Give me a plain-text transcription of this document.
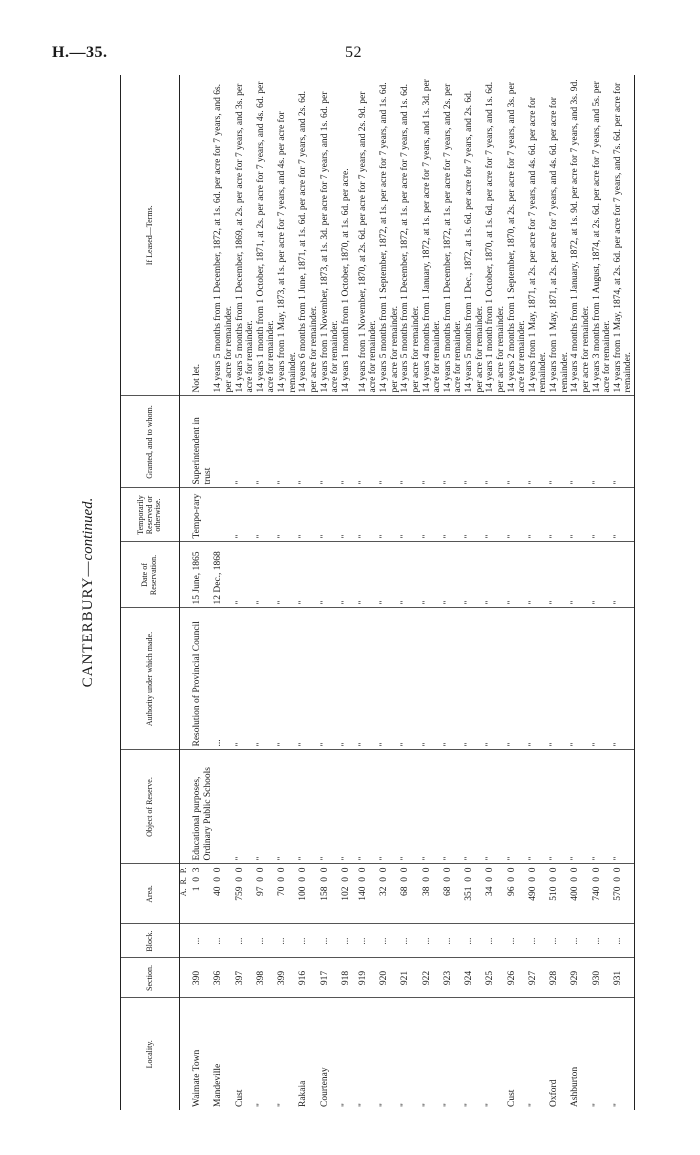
H.—35.	52
CANTERBURY—continued.
Locality.	Section.	Block.	Area.	Object of Reserve.	Authority under which made.	Date of Reservation.	Temporarily Reserved or otherwise.	Granted, and to whom.	If Leased—Terms.
			A.  R.  P.						
Waimate Town	390	...	1  0  3	Educational purposes, Ordinary Public Schools	Resolution of Provincial Council	15 June, 1865	Tempo-rary	Superintendent in trust	Not let.
Mandeville	396	...	40  0  0		...	12 Dec., 1868			14 years 5 months from 1 December, 1872, at 1s. 6d. per acre for 7 years, and 6s. per acre for remainder.
Cust	397	...	759  0  0	"	"	"	"	"	14 years 5 months from 1 December, 1869, at 2s. per acre for 7 years, and 3s. per acre for remainder.
"	398	...	97  0  0	"	"	"	"	"	14 years 1 month from 1 October, 1871, at 2s. per acre for 7 years, and 4s. 6d. per acre for remainder.
"	399	...	70  0  0	"	"	"	"	"	14 years from 1 May, 1873, at 1s. per acre for 7 years, and 4s. per acre for remainder.
Rakaia	916	...	100  0  0	"	"	"	"	"	14 years 6 months from 1 June, 1871, at 1s. 6d. per acre for 7 years, and 2s. 6d. per acre for remainder.
Courtenay	917	...	158  0  0	"	"	"	"	"	14 years from 1 November, 1873, at 1s. 3d. per acre for 7 years, and 1s. 6d. per acre for remainder.
"	918	...	102  0  0	"	"	"	"	"	14 years 1 month from 1 October, 1870, at 1s. 6d. per acre.
"	919	...	140  0  0	"	"	"	"	"	14 years from 1 November, 1870, at 2s. 6d. per acre for 7 years, and 2s. 9d. per acre for remainder.
"	920	...	32  0  0	"	"	"	"	"	14 years 5 months from 1 September, 1872, at 1s. per acre for 7 years, and 1s. 6d. per acre for remainder.
"	921	...	68  0  0	"	"	"	"	"	14 years 5 months from 1 December, 1872, at 1s. per acre for 7 years, and 1s. 6d. per acre for remainder.
"	922	...	38  0  0	"	"	"	"	"	14 years 4 months from 1 January, 1872, at 1s. per acre for 7 years, and 1s. 3d. per acre for remainder.
"	923	...	68  0  0	"	"	"	"	"	14 years 5 months from 1 December, 1872, at 1s. per acre for 7 years, and 2s. per acre for remainder.
"	924	...	351  0  0	"	"	"	"	"	14 years 5 months from 1 Dec., 1872, at 1s. 6d. per acre for 7 years, and 2s. 6d. per acre for remainder.
"	925	...	34  0  0	"	"	"	"	"	14 years 1 month from 1 October, 1870, at 1s. 6d. per acre for 7 years, and 1s. 6d. per acre for remainder.
Cust	926	...	96  0  0	"	"	"	"	"	14 years 2 months from 1 September, 1870, at 2s. per acre for 7 years, and 3s. per acre for remainder.
"	927	...	490  0  0	"	"	"	"	"	14 years from 1 May, 1871, at 2s. per acre for 7 years, and 4s. 6d. per acre for remainder.
Oxford	928	...	510  0  0	"	"	"	"	"	14 years from 1 May, 1871, at 2s. per acre for 7 years, and 4s. 6d. per acre for remainder.
Ashburton	929	...	400  0  0	"	"	"	"	"	14 years 4 months from 1 January, 1872, at 1s. 9d. per acre for 7 years, and 3s. 9d. per acre for remainder.
"	930	...	740  0  0	"	"	"	"	"	14 years 3 months from 1 August, 1874, at 2s. 6d. per acre for 7 years, and 5s. per acre for remainder.
"	931	...	570  0  0	"	"	"	"	"	14 years from 1 May, 1874, at 2s. 6d. per acre for 7 years, and 7s. 6d. per acre for remainder.
